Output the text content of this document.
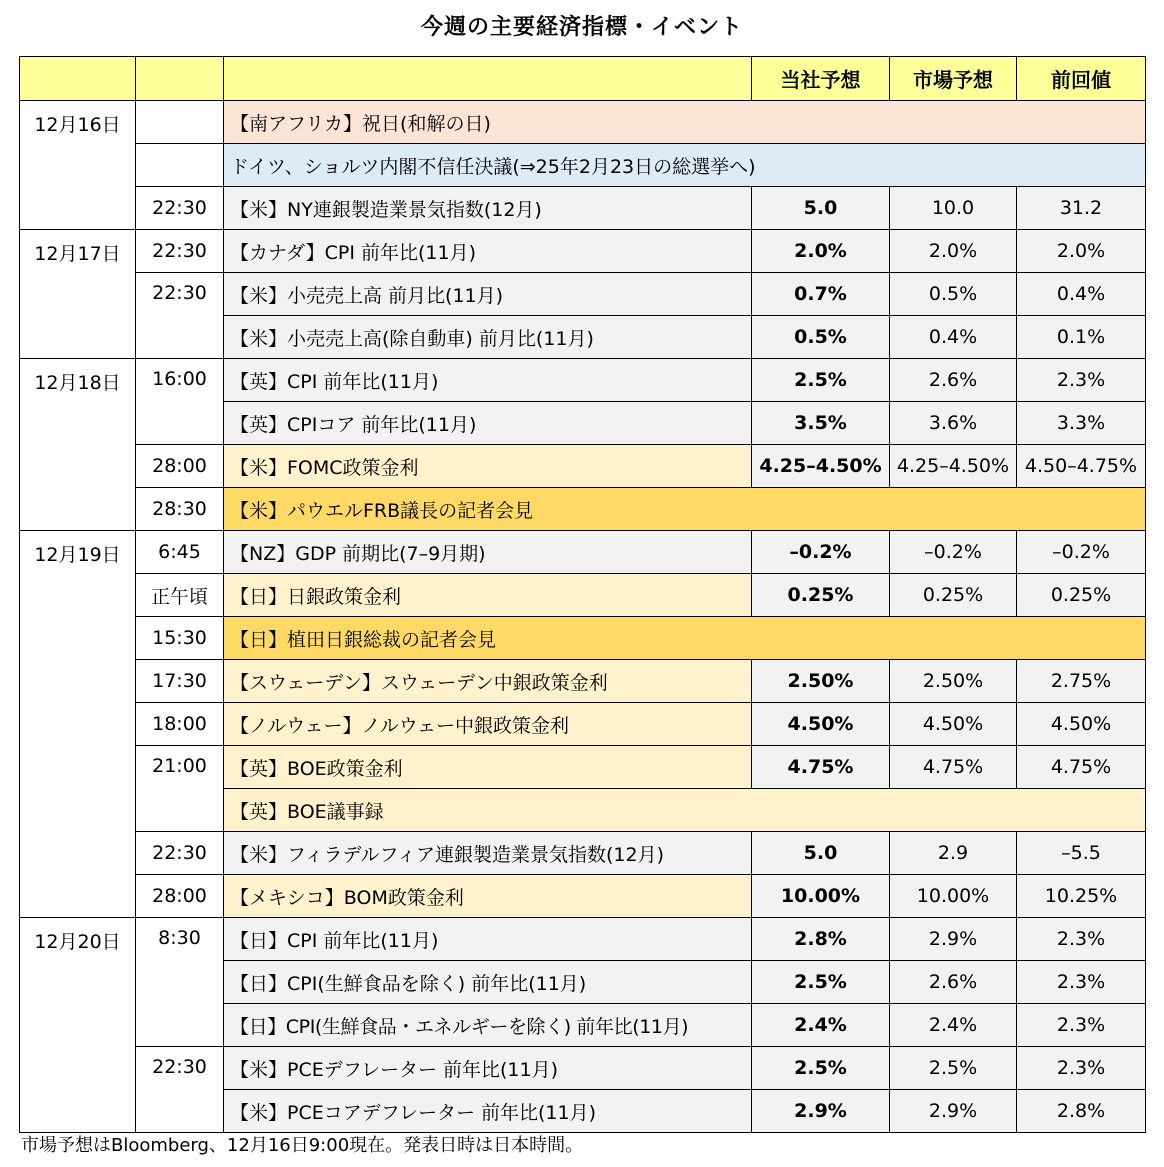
今週の主要経済指標・イベント
			当社予想	市場予想	前回値
12月16日		【南アフリカ】祝日(和解の日)			
		ドイツ、ショルツ内閣不信任決議(⇒25年2月23日の総選挙へ)			
	22:30	【米】NY連銀製造業景気指数(12月)	5.0	10.0	31.2
12月17日	22:30	【カナダ】CPI 前年比(11月)	2.0%	2.0%	2.0%
	22:30	【米】小売売上高 前月比(11月)	0.7%	0.5%	0.4%
		【米】小売売上高(除自動車) 前月比(11月)	0.5%	0.4%	0.1%
12月18日	16:00	【英】CPI 前年比(11月)	2.5%	2.6%	2.3%
		【英】CPIコア 前年比(11月)	3.5%	3.6%	3.3%
	28:00	【米】FOMC政策金利	4.25–4.50%	4.25–4.50%	4.50–4.75%
	28:30	【米】パウエルFRB議長の記者会見			
12月19日	6:45	【NZ】GDP 前期比(7–9月期)	–0.2%	–0.2%	–0.2%
	正午頃	【日】日銀政策金利	0.25%	0.25%	0.25%
	15:30	【日】植田日銀総裁の記者会見			
	17:30	【スウェーデン】スウェーデン中銀政策金利	2.50%	2.50%	2.75%
	18:00	【ノルウェー】ノルウェー中銀政策金利	4.50%	4.50%	4.50%
	21:00	【英】BOE政策金利	4.75%	4.75%	4.75%
		【英】BOE議事録			
	22:30	【米】フィラデルフィア連銀製造業景気指数(12月)	5.0	2.9	–5.5
	28:00	【メキシコ】BOM政策金利	10.00%	10.00%	10.25%
12月20日	8:30	【日】CPI 前年比(11月)	2.8%	2.9%	2.3%
		【日】CPI(生鮮食品を除く) 前年比(11月)	2.5%	2.6%	2.3%
		【日】CPI(生鮮食品・エネルギーを除く) 前年比(11月)	2.4%	2.4%	2.3%
	22:30	【米】PCEデフレーター 前年比(11月)	2.5%	2.5%	2.3%
		【米】PCEコアデフレーター 前年比(11月)	2.9%	2.9%	2.8%
市場予想はBloomberg、12月16日9:00現在。発表日時は日本時間。
